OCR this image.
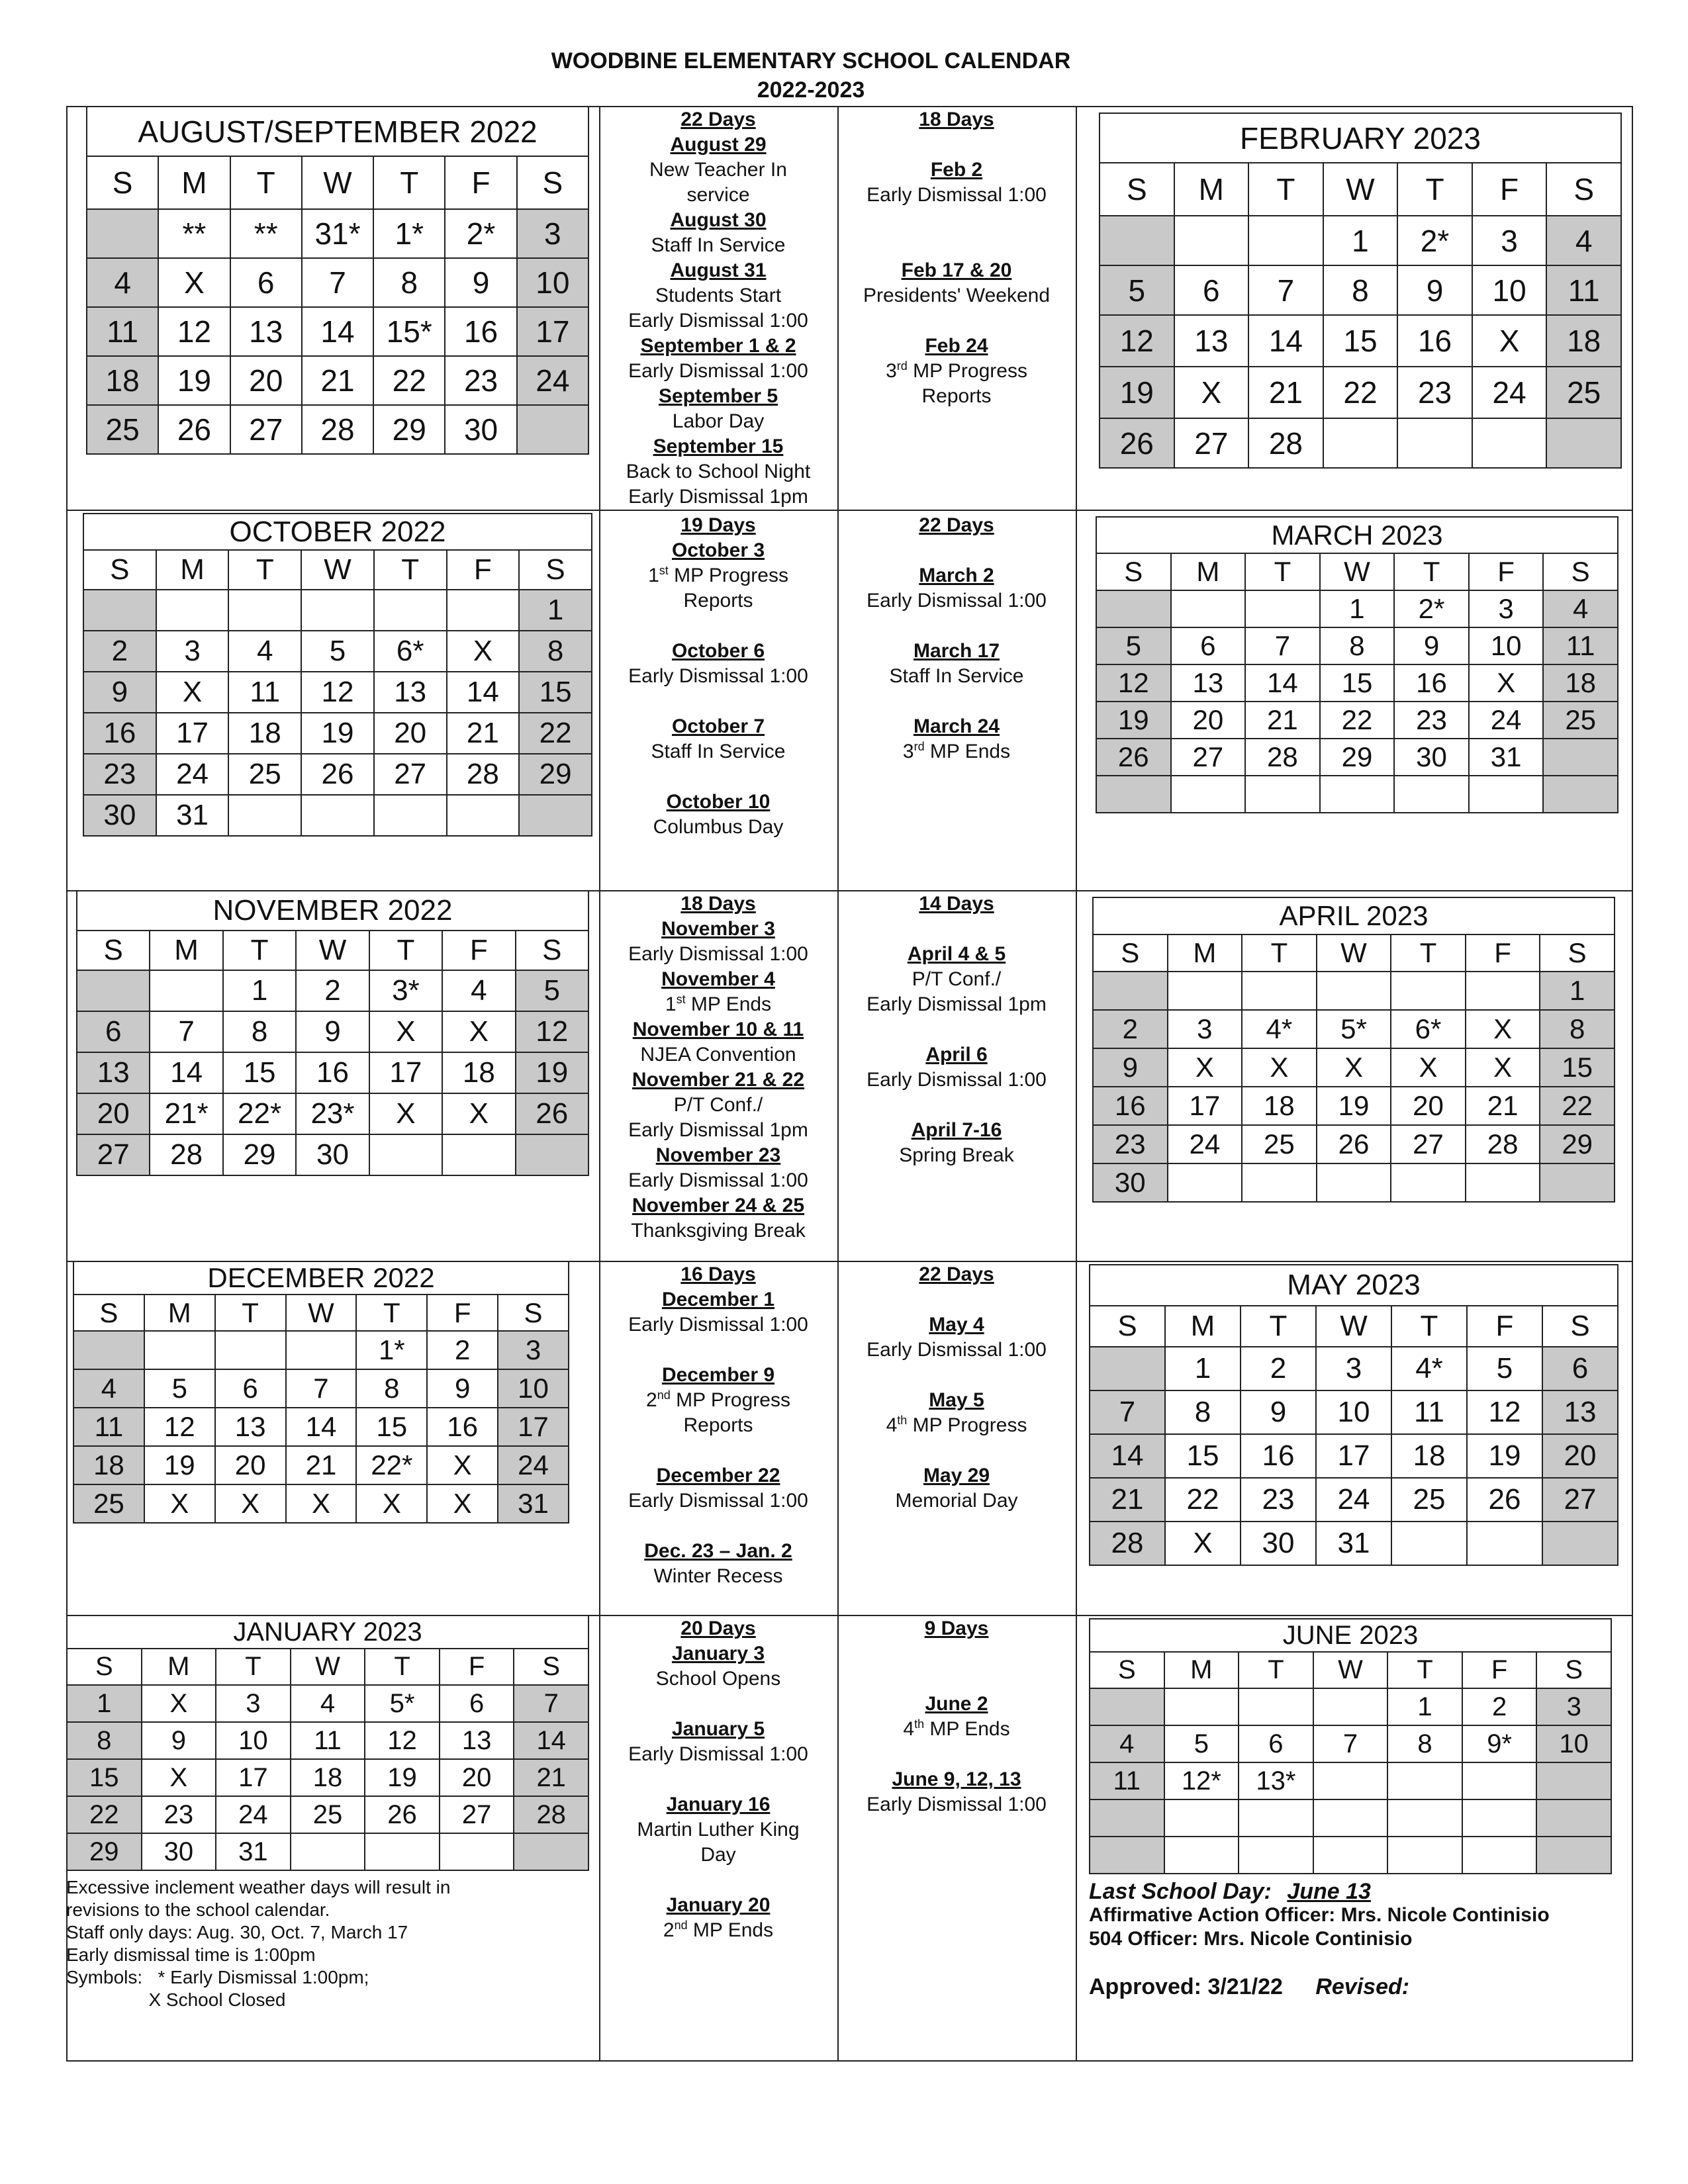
WOODBINE ELEMENTARY SCHOOL CALENDAR
2022-2023
Excessive inclement weather days will result in
revisions to the school calendar.
Staff only days: Aug. 30, Oct. 7, March 17
Early dismissal time is 1:00pm
Symbols:   * Early Dismissal 1:00pm;
X School Closed
Last School Day: June 13
Affirmative Action Officer: Mrs. Nicole Continisio
504 Officer: Mrs. Nicole Continisio
Approved: 3/21/22 Revised:
AUGUST/SEPTEMBER 2022						
S	M	T	W	T	F	S
	**	**	31*	1*	2*	3
4	X	6	7	8	9	10
11	12	13	14	15*	16	17
18	19	20	21	22	23	24
25	26	27	28	29	30	
FEBRUARY 2023						
S	M	T	W	T	F	S
			1	2*	3	4
5	6	7	8	9	10	11
12	13	14	15	16	X	18
19	X	21	22	23	24	25
26	27	28				
OCTOBER 2022						
S	M	T	W	T	F	S
						1
2	3	4	5	6*	X	8
9	X	11	12	13	14	15
16	17	18	19	20	21	22
23	24	25	26	27	28	29
30	31					
MARCH 2023						
S	M	T	W	T	F	S
			1	2*	3	4
5	6	7	8	9	10	11
12	13	14	15	16	X	18
19	20	21	22	23	24	25
26	27	28	29	30	31	

NOVEMBER 2022						
S	M	T	W	T	F	S
		1	2	3*	4	5
6	7	8	9	X	X	12
13	14	15	16	17	18	19
20	21*	22*	23*	X	X	26
27	28	29	30			
APRIL 2023						
S	M	T	W	T	F	S
						1
2	3	4*	5*	6*	X	8
9	X	X	X	X	X	15
16	17	18	19	20	21	22
23	24	25	26	27	28	29
30						
DECEMBER 2022						
S	M	T	W	T	F	S
				1*	2	3
4	5	6	7	8	9	10
11	12	13	14	15	16	17
18	19	20	21	22*	X	24
25	X	X	X	X	X	31
MAY 2023						
S	M	T	W	T	F	S
	1	2	3	4*	5	6
7	8	9	10	11	12	13
14	15	16	17	18	19	20
21	22	23	24	25	26	27
28	X	30	31			
JANUARY 2023						
S	M	T	W	T	F	S
1	X	3	4	5*	6	7
8	9	10	11	12	13	14
15	X	17	18	19	20	21
22	23	24	25	26	27	28
29	30	31				
JUNE 2023						
S	M	T	W	T	F	S
				1	2	3
4	5	6	7	8	9*	10
11	12*	13*				

22 Days
August 29
New Teacher In
service
August 30
Staff In Service
August 31
Students Start
Early Dismissal 1:00
September 1 & 2
Early Dismissal 1:00
September 5
Labor Day
September 15
Back to School Night
Early Dismissal 1pm
18 Days
Feb 2
Early Dismissal 1:00
Feb 17 & 20
Presidents' Weekend
Feb 24
3rd MP Progress
Reports
19 Days
October 3
1st MP Progress
Reports
October 6
Early Dismissal 1:00
October 7
Staff In Service
October 10
Columbus Day
22 Days
March 2
Early Dismissal 1:00
March 17
Staff In Service
March 24
3rd MP Ends
18 Days
November 3
Early Dismissal 1:00
November 4
1st MP Ends
November 10 & 11
NJEA Convention
November 21 & 22
P/T Conf./
Early Dismissal 1pm
November 23
Early Dismissal 1:00
November 24 & 25
Thanksgiving Break
14 Days
April 4 & 5
P/T Conf./
Early Dismissal 1pm
April 6
Early Dismissal 1:00
April 7-16
Spring Break
16 Days
December 1
Early Dismissal 1:00
December 9
2nd MP Progress
Reports
December 22
Early Dismissal 1:00
Dec. 23 – Jan. 2
Winter Recess
22 Days
May 4
Early Dismissal 1:00
May 5
4th MP Progress
May 29
Memorial Day
20 Days
January 3
School Opens
January 5
Early Dismissal 1:00
January 16
Martin Luther King
Day
January 20
2nd MP Ends
9 Days
June 2
4th MP Ends
June 9, 12, 13
Early Dismissal 1:00
